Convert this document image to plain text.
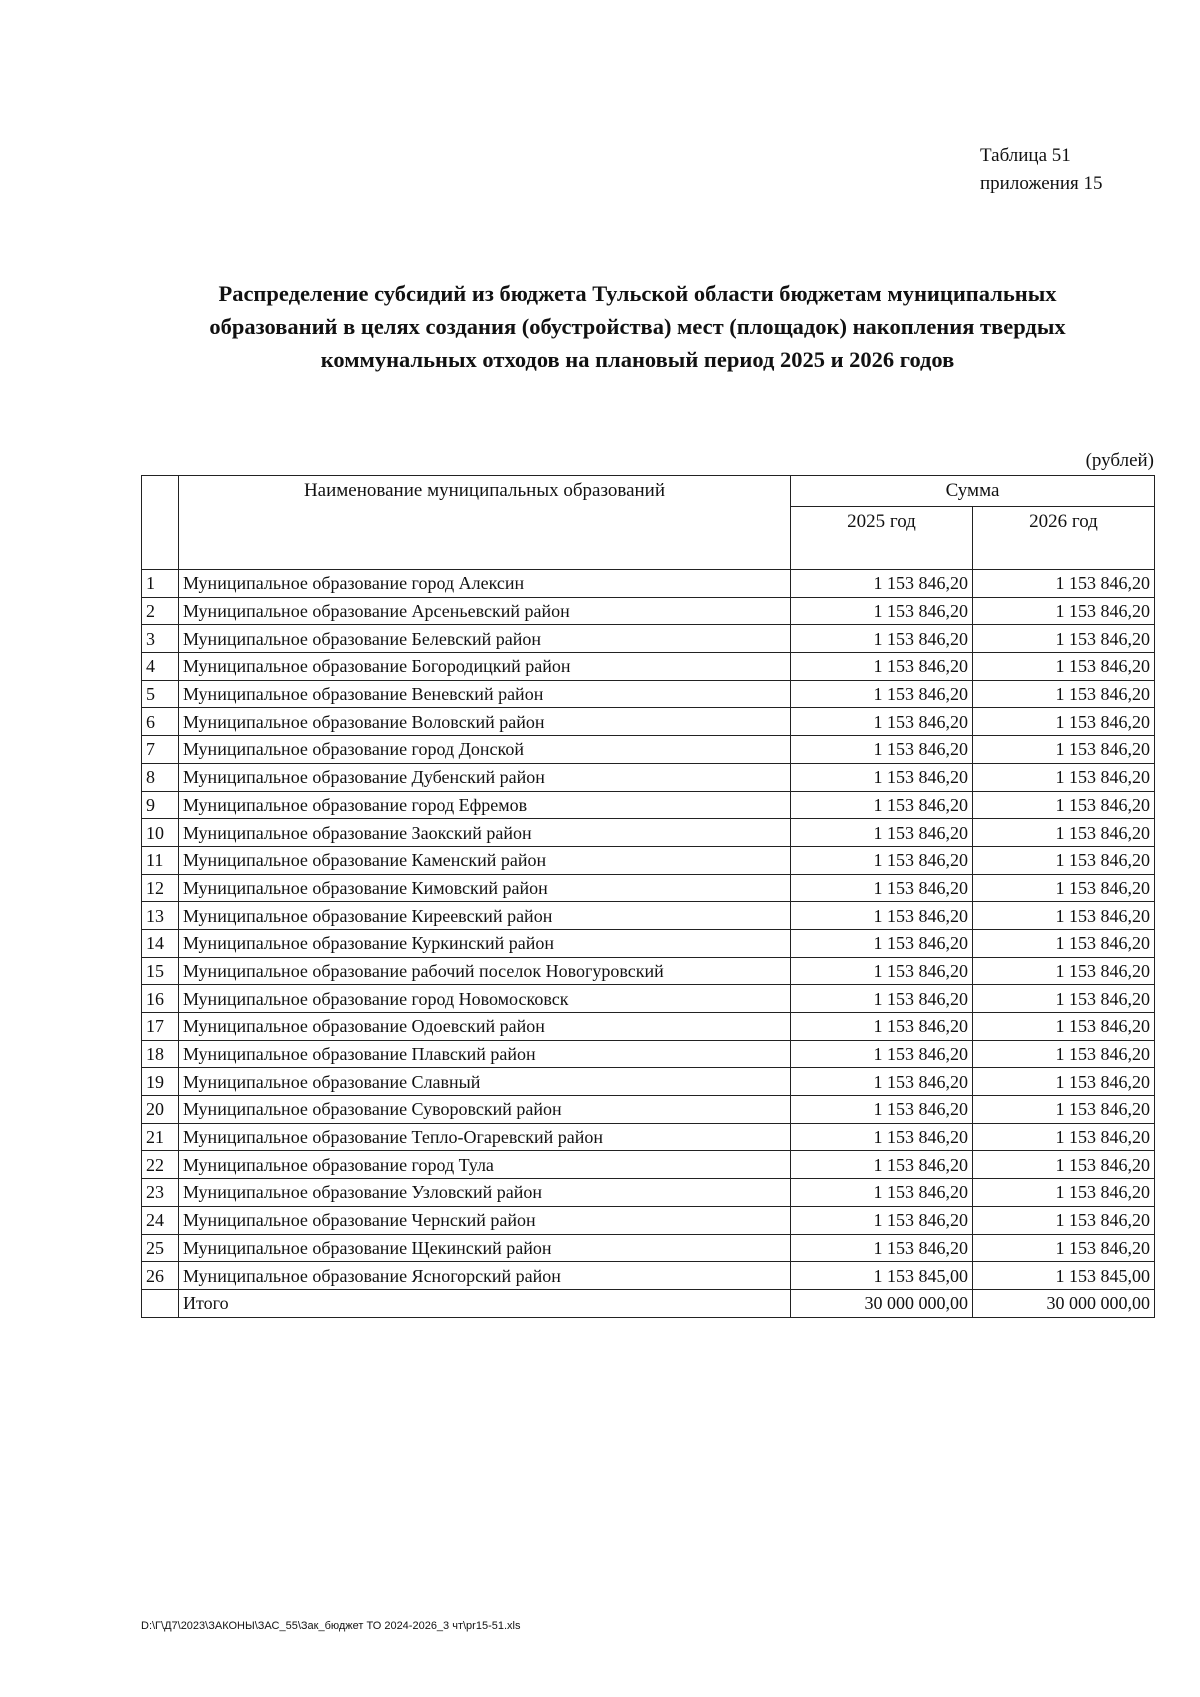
Таблица 51
приложения 15
Распределение субсидий из бюджета Тульской области бюджетам муниципальных
образований в целях создания (обустройства) мест (площадок) накопления твердых
коммунальных отходов на плановый период 2025 и 2026 годов
(рублей)
	Наименование муниципальных образований	Сумма	
		2025 год	2026 год
1	Муниципальное образование город Алексин	1 153 846,20	1 153 846,20
2	Муниципальное образование Арсеньевский район	1 153 846,20	1 153 846,20
3	Муниципальное образование Белевский район	1 153 846,20	1 153 846,20
4	Муниципальное образование Богородицкий район	1 153 846,20	1 153 846,20
5	Муниципальное образование Веневский район	1 153 846,20	1 153 846,20
6	Муниципальное образование Воловский район	1 153 846,20	1 153 846,20
7	Муниципальное образование город Донской	1 153 846,20	1 153 846,20
8	Муниципальное образование Дубенский район	1 153 846,20	1 153 846,20
9	Муниципальное образование город Ефремов	1 153 846,20	1 153 846,20
10	Муниципальное образование Заокский район	1 153 846,20	1 153 846,20
11	Муниципальное образование Каменский район	1 153 846,20	1 153 846,20
12	Муниципальное образование Кимовский район	1 153 846,20	1 153 846,20
13	Муниципальное образование Киреевский район	1 153 846,20	1 153 846,20
14	Муниципальное образование Куркинский район	1 153 846,20	1 153 846,20
15	Муниципальное образование рабочий поселок Новогуровский	1 153 846,20	1 153 846,20
16	Муниципальное образование город Новомосковск	1 153 846,20	1 153 846,20
17	Муниципальное образование Одоевский район	1 153 846,20	1 153 846,20
18	Муниципальное образование Плавский район	1 153 846,20	1 153 846,20
19	Муниципальное образование Славный	1 153 846,20	1 153 846,20
20	Муниципальное образование Суворовский район	1 153 846,20	1 153 846,20
21	Муниципальное образование Тепло-Огаревский район	1 153 846,20	1 153 846,20
22	Муниципальное образование город Тула	1 153 846,20	1 153 846,20
23	Муниципальное образование Узловский район	1 153 846,20	1 153 846,20
24	Муниципальное образование Чернский район	1 153 846,20	1 153 846,20
25	Муниципальное образование Щекинский район	1 153 846,20	1 153 846,20
26	Муниципальное образование Ясногорский район	1 153 845,00	1 153 845,00
	Итого	30 000 000,00	30 000 000,00
D:\Г\Д7\2023\ЗАКОНЫ\ЗАС_55\Зак_бюджет ТО 2024-2026_3 чт\pr15-51.xls
